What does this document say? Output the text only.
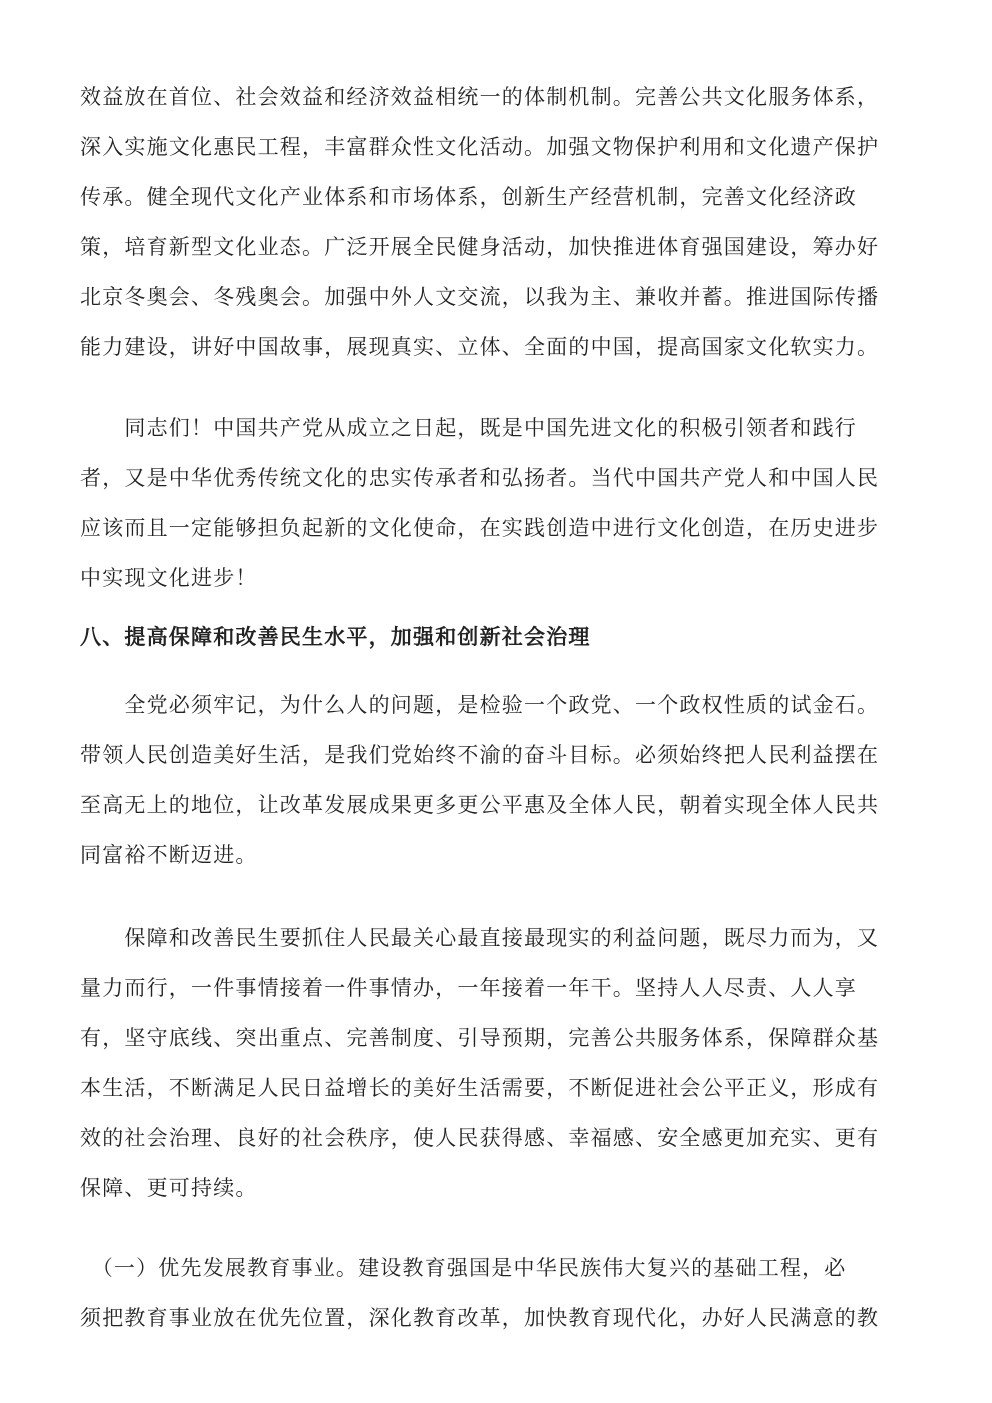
效益放在首位、社会效益和经济效益相统一的体制机制。完善公共文化服务体系，
深入实施文化惠民工程，丰富群众性文化活动。加强文物保护利用和文化遗产保护
传承。健全现代文化产业体系和市场体系，创新生产经营机制，完善文化经济政
策，培育新型文化业态。广泛开展全民健身活动，加快推进体育强国建设，筹办好
北京冬奥会、冬残奥会。加强中外人文交流，以我为主、兼收并蓄。推进国际传播
能力建设，讲好中国故事，展现真实、立体、全面的中国，提高国家文化软实力。
　　同志们！中国共产党从成立之日起，既是中国先进文化的积极引领者和践行
者，又是中华优秀传统文化的忠实传承者和弘扬者。当代中国共产党人和中国人民
应该而且一定能够担负起新的文化使命，在实践创造中进行文化创造，在历史进步
中实现文化进步！
八、提高保障和改善民生水平，加强和创新社会治理
　　全党必须牢记，为什么人的问题，是检验一个政党、一个政权性质的试金石。
带领人民创造美好生活，是我们党始终不渝的奋斗目标。必须始终把人民利益摆在
至高无上的地位，让改革发展成果更多更公平惠及全体人民，朝着实现全体人民共
同富裕不断迈进。
　　保障和改善民生要抓住人民最关心最直接最现实的利益问题，既尽力而为，又
量力而行，一件事情接着一件事情办，一年接着一年干。坚持人人尽责、人人享
有，坚守底线、突出重点、完善制度、引导预期，完善公共服务体系，保障群众基
本生活，不断满足人民日益增长的美好生活需要，不断促进社会公平正义，形成有
效的社会治理、良好的社会秩序，使人民获得感、幸福感、安全感更加充实、更有
保障、更可持续。
　（一）优先发展教育事业。建设教育强国是中华民族伟大复兴的基础工程，必
须把教育事业放在优先位置，深化教育改革，加快教育现代化，办好人民满意的教
